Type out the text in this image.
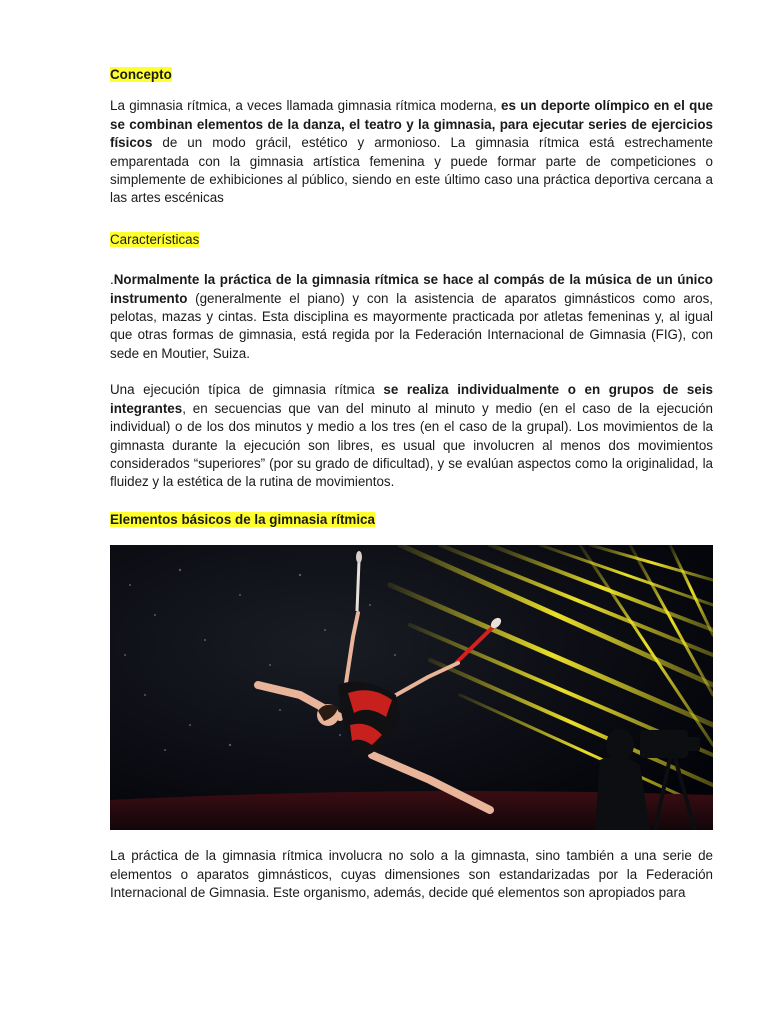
Concepto

La gimnasia rítmica, a veces llamada gimnasia rítmica moderna, es un deporte olímpico en el que se combinan elementos de la danza, el teatro y la gimnasia, para ejecutar series de ejercicios físicos de un modo grácil, estético y armonioso. La gimnasia rítmica está estrechamente emparentada con la gimnasia artística femenina y puede formar parte de competiciones o simplemente de exhibiciones al público, siendo en este último caso una práctica deportiva cercana a las artes escénicas

Características

.Normalmente la práctica de la gimnasia rítmica se hace al compás de la música de un único instrumento (generalmente el piano) y con la asistencia de aparatos gimnásticos como aros, pelotas, mazas y cintas. Esta disciplina es mayormente practicada por atletas femeninas y, al igual que otras formas de gimnasia, está regida por la Federación Internacional de Gimnasia (FIG), con sede en Moutier, Suiza.

Una ejecución típica de gimnasia rítmica se realiza individualmente o en grupos de seis integrantes, en secuencias que van del minuto al minuto y medio (en el caso de la ejecución individual) o de los dos minutos y medio a los tres (en el caso de la grupal). Los movimientos de la gimnasta durante la ejecución son libres, es usual que involucren al menos dos movimientos considerados “superiores” (por su grado de dificultad), y se evalúan aspectos como la originalidad, la fluidez y la estética de la rutina de movimientos.

Elementos básicos de la gimnasia rítmica

La práctica de la gimnasia rítmica involucra no solo a la gimnasta, sino también a una serie de elementos o aparatos gimnásticos, cuyas dimensiones son estandarizadas por la Federación Internacional de Gimnasia. Este organismo, además, decide qué elementos son apropiados para
